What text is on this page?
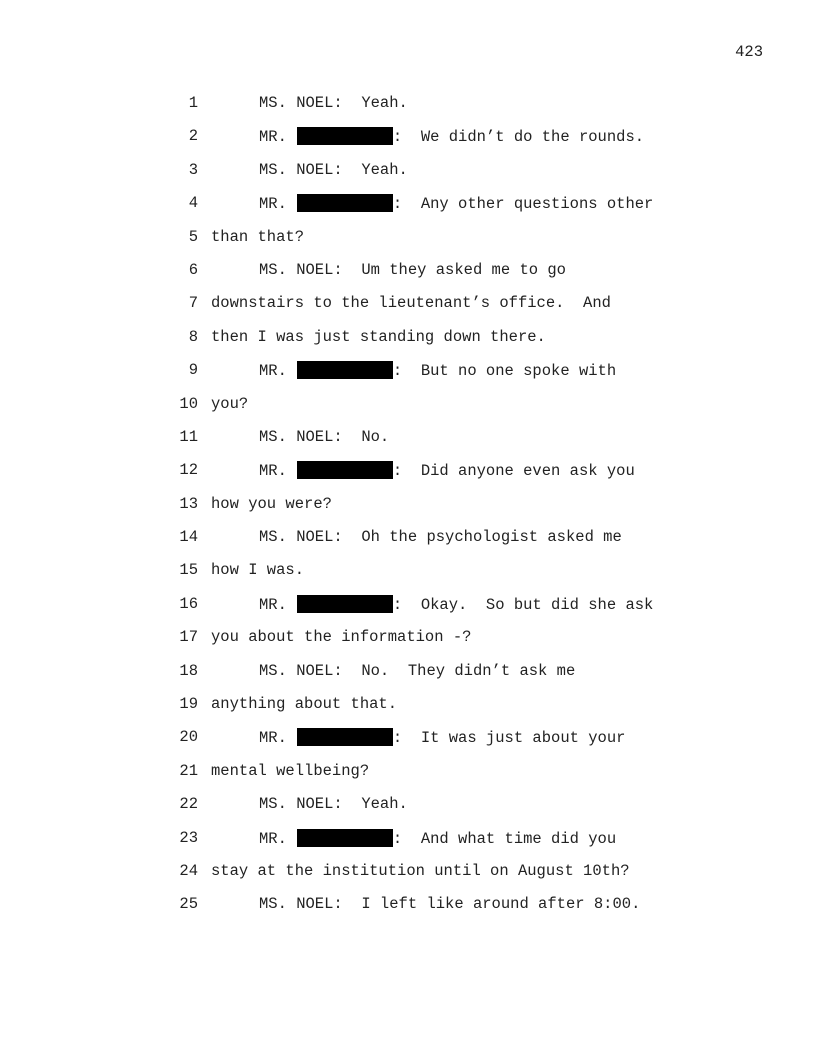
423
1	MS. NOEL: Yeah.
2	MR.	:  We didn’t do the rounds.
3	MS. NOEL: Yeah.
4	MR.	:  Any other questions other
5 than that?
6	MS. NOEL: Um they asked me to go
7 downstairs to the lieutenant’s office.  And
8 then I was just standing down there.
9	MR.	:  But no one spoke with
10 you?
11	MS. NOEL: No.
12	MR.	:  Did anyone even ask you
13 how you were?
14	MS. NOEL: Oh the psychologist asked me
15 how I was.
16	MR.	:  Okay.  So but did she ask
17 you about the information -?
18	MS. NOEL: No.  They didn’t ask me
19 anything about that.
20	MR.	:  It was just about your
21 mental wellbeing?
22	MS. NOEL: Yeah.
23	MR.	:  And what time did you
24 stay at the institution until on August 10th?
25	MS. NOEL: I left like around after 8:00.
